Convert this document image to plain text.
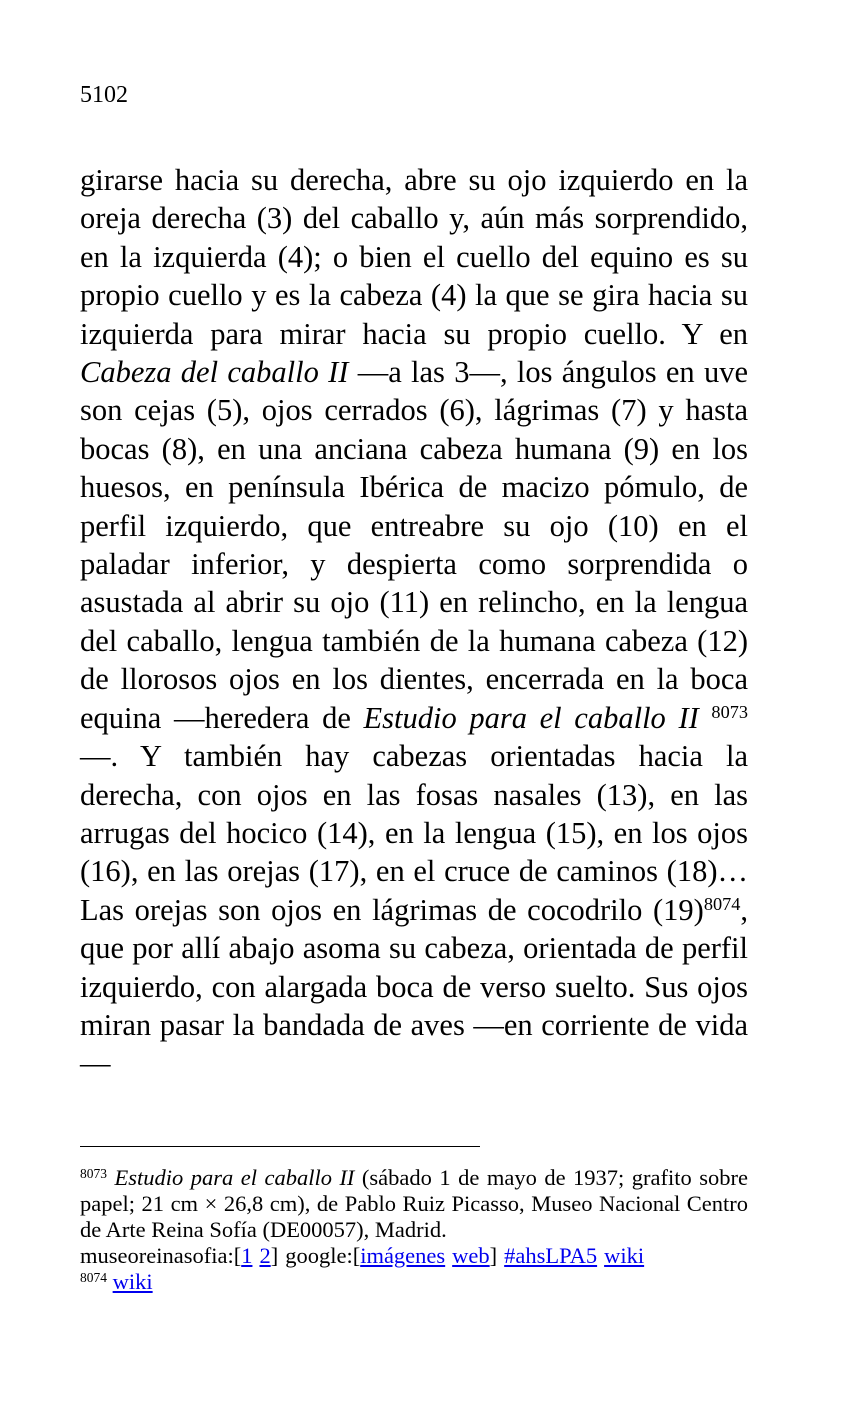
5102

girarse hacia su derecha, abre su ojo izquierdo en la oreja derecha (3) del caballo y, aún más sorprendido, en la izquierda (4); o bien el cuello del equino es su propio cuello y es la cabeza (4) la que se gira hacia su izquierda para mirar hacia su propio cuello. Y en Cabeza del caballo II —a las 3—, los ángulos en uve son cejas (5), ojos cerrados (6), lágrimas (7) y hasta bocas (8), en una anciana cabeza humana (9) en los huesos, en península Ibérica de macizo pómulo, de perfil izquierdo, que entreabre su ojo (10) en el paladar inferior, y despierta como sorprendida o asustada al abrir su ojo (11) en relincho, en la lengua del caballo, lengua también de la humana cabeza (12) de llorosos ojos en los dientes, encerrada en la boca equina —heredera de Estudio para el caballo II $^{8073}$ —. Y también hay cabezas orientadas hacia la derecha, con ojos en las fosas nasales (13), en las arrugas del hocico (14), en la lengua (15), en los ojos (16), en las orejas (17), en el cruce de caminos (18)… Las orejas son ojos en lágrimas de cocodrilo $(19)^{8074}$, que por allí abajo asoma su cabeza, orientada de perfil izquierdo, con alargada boca de verso suelto. Sus ojos miran pasar la bandada de aves —en corriente de vida—

$^{8073}$ Estudio para el caballo II (sábado 1 de mayo de 1937; grafito sobre papel; 21 cm × 26,8 cm), de Pablo Ruiz Picasso, Museo Nacional Centro de Arte Reina Sofía (DE00057), Madrid.

museoreinasofia:[1 2] google:[imágenes web] #ahsLPA5 wiki

$^{8074}$ wiki
